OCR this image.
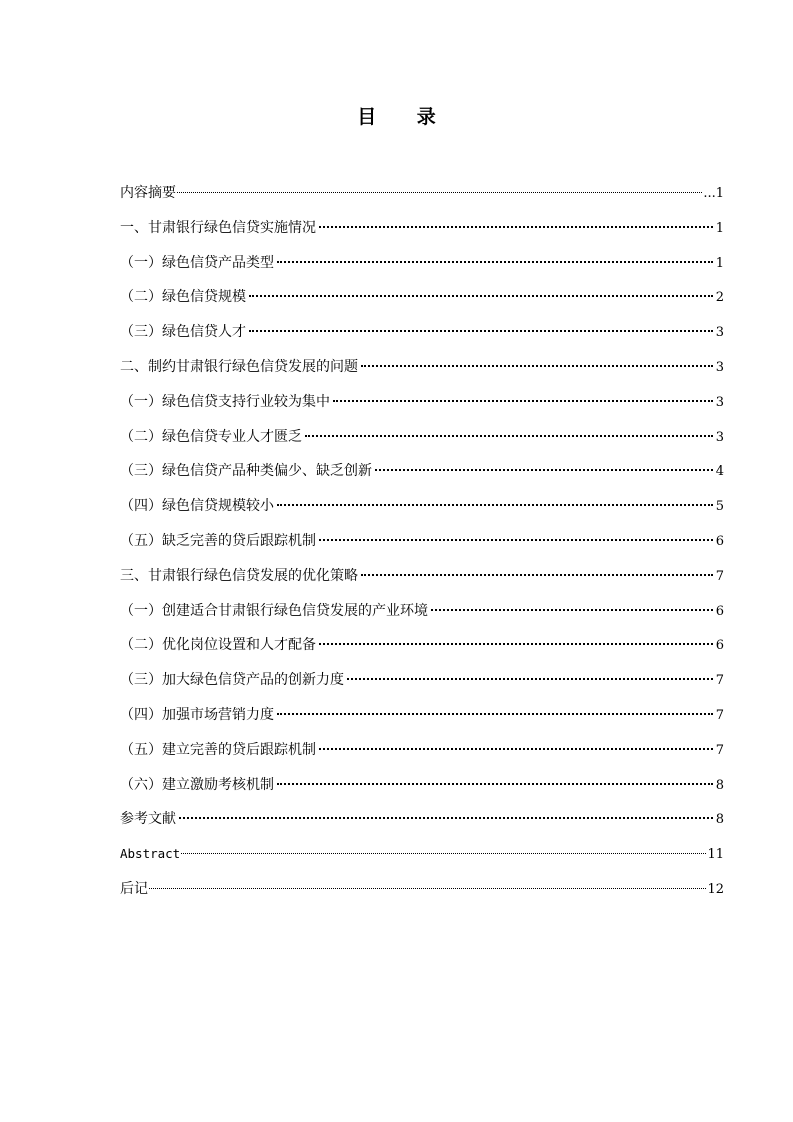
目 录
内容摘要	...1
一、甘肃银行绿色信贷实施情况	1
（一）绿色信贷产品类型	1
（二）绿色信贷规模	2
（三）绿色信贷人才	3
二、制约甘肃银行绿色信贷发展的问题	3
（一）绿色信贷支持行业较为集中	3
（二）绿色信贷专业人才匮乏	3
（三）绿色信贷产品种类偏少、缺乏创新	4
（四）绿色信贷规模较小	5
（五）缺乏完善的贷后跟踪机制	6
三、甘肃银行绿色信贷发展的优化策略	7
（一）创建适合甘肃银行绿色信贷发展的产业环境	6
（二）优化岗位设置和人才配备	6
（三）加大绿色信贷产品的创新力度	7
（四）加强市场营销力度	7
（五）建立完善的贷后跟踪机制	7
（六）建立激励考核机制	8
参考文献	8
Abstract	11
后记	12
